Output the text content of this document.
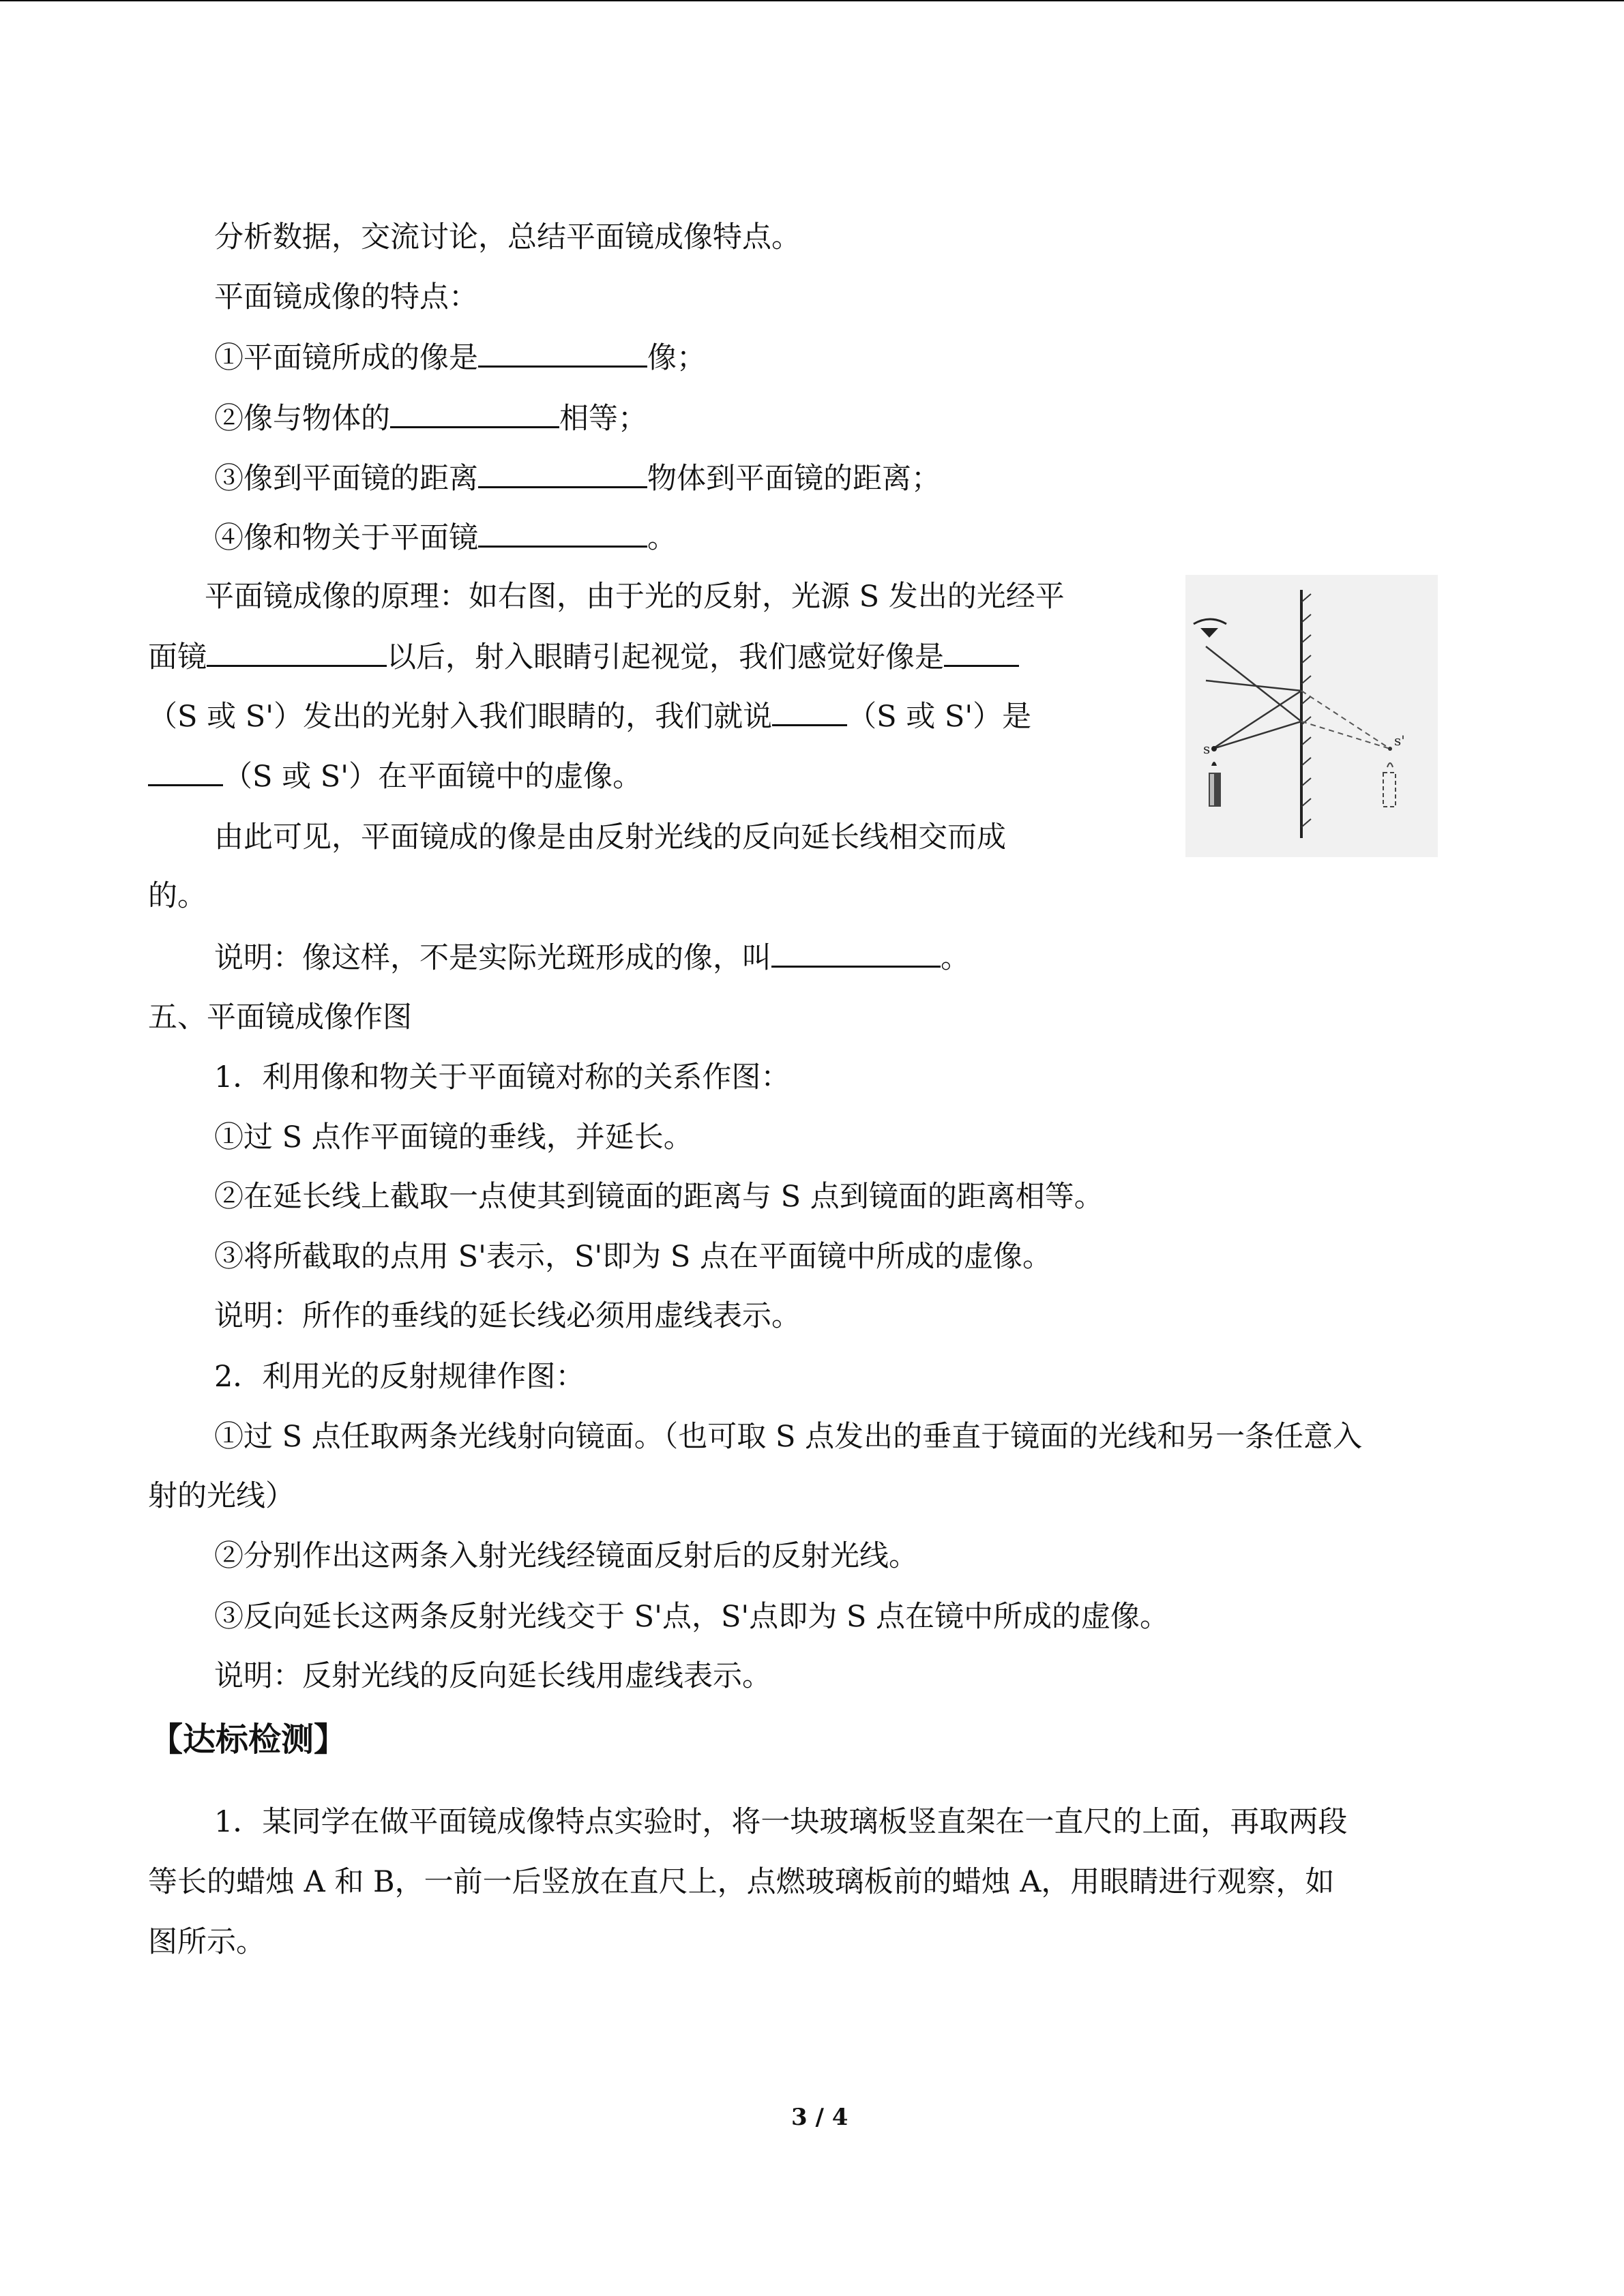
分析数据，交流讨论，总结平面镜成像特点。
平面镜成像的特点：
①平面镜所成的像是	像；
②像与物体的	相等；
③像到平面镜的距离	物体到平面镜的距离；
④像和物关于平面镜	。
平面镜成像的原理：如右图，由于光的反射，光源 S 发出的光经平
面镜	以后，射入眼睛引起视觉，我们感觉好像是
（S 或 S'）发出的光射入我们眼睛的，我们就说	（S 或 S'）是
（S 或 S'）在平面镜中的虚像。
由此可见，平面镜成的像是由反射光线的反向延长线相交而成
的。
说明：像这样，不是实际光斑形成的像，叫	。
五、平面镜成像作图
1．利用像和物关于平面镜对称的关系作图：
①过 S 点作平面镜的垂线，并延长。
②在延长线上截取一点使其到镜面的距离与 S 点到镜面的距离相等。
③将所截取的点用 S'表示，S'即为 S 点在平面镜中所成的虚像。
说明：所作的垂线的延长线必须用虚线表示。
2．利用光的反射规律作图：
①过 S 点任取两条光线射向镜面。（也可取 S 点发出的垂直于镜面的光线和另一条任意入
射的光线）
②分别作出这两条入射光线经镜面反射后的反射光线。
③反向延长这两条反射光线交于 S'点，S'点即为 S 点在镜中所成的虚像。
说明：反射光线的反向延长线用虚线表示。
【达标检测】
1．某同学在做平面镜成像特点实验时，将一块玻璃板竖直架在一直尺的上面，再取两段
等长的蜡烛 A 和 B，一前一后竖放在直尺上，点燃玻璃板前的蜡烛 A，用眼睛进行观察，如
图所示。
s	s'
3 / 4
